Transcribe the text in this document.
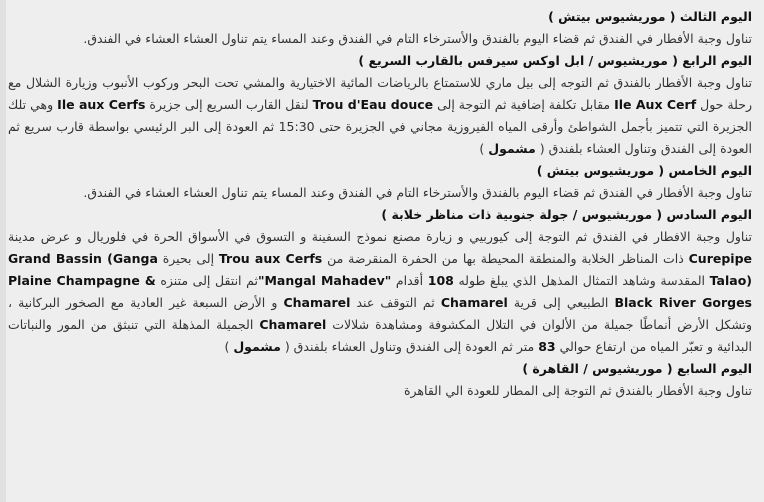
اليوم الثالث ( موريشيوس بيتش )
تناول وجبة الأفطار في الفندق ثم قضاء اليوم بالفندق والأسترخاء التام في الفندق وعند المساء يتم تناول العشاء العشاء في الفندق.
اليوم الرابع ( موريشيوس / ابل اوكس سيرفس بالقارب السريع )
تناول وجبة الأفطار بالفندق ثم التوجه إلى بيل ماري للاستمتاع بالرياضات المائية الاختيارية والمشي تحت البحر وركوب الأنبوب وزيارة الشلال مع رحلة حول Ile Aux Cerf مقابل تكلفة إضافية ثم التوجة إلى Trou d'Eau douce لنقل القارب السريع إلى جزيرة Ile aux Cerfs وهي تلك الجزيرة التي تتميز بأجمل الشواطئ وأرقى المياه الفيروزية مجاني في الجزيرة حتى 15:30 ثم العودة إلى البر الرئيسي بواسطة قارب سريع ثم العودة إلى الفندق وتناول العشاء بلفندق ( مشمول )
اليوم الخامس ( موريشيوس بيتش )
تناول وجبة الأفطار في الفندق ثم قضاء اليوم بالفندق والأسترخاء التام في الفندق وعند المساء يتم تناول العشاء العشاء في الفندق.
اليوم السادس ( موريشيوس / جولة جنوبية ذات مناظر خلابة )
تناول وجبة الافطار في الفندق ثم التوجة إلى كيوربيي و زيارة مصنع نموذج السفينة و التسوق في الأسواق الحرة في فلوريال و عرض مدينة Curepipe ذات المناظر الخلابة والمنطقة المحيطة بها من الحفرة المنقرضة من Trou aux Cerfs إلى بحيرة Grand Bassin (Ganga Talao) المقدسة وشاهد التمثال المذهل الذي يبلغ طوله 108 أقدام "Mangal Mahadev"ثم انتقل إلى متنزه Plaine Champagne & Black River Gorges الطبيعي إلى قرية Chamarel ثم التوقف عند Chamarel و الأرض السبعة غير العادية مع الصخور البركانية ، وتشكل الأرض أنماطًا جميلة من الألوان في التلال المكشوفة ومشاهدة شلالات Chamarel الجميلة المذهلة التي تنبثق من المور والنباتات البدائية و تعبّر المياه من ارتفاع حوالي 83 متر ثم العودة إلى الفندق وتناول العشاء بلفندق ( مشمول )
اليوم السابع ( موريشيوس / القاهرة )
تناول وجبة الأفطار بالفندق ثم التوجة إلى المطار للعودة الي القاهرة
